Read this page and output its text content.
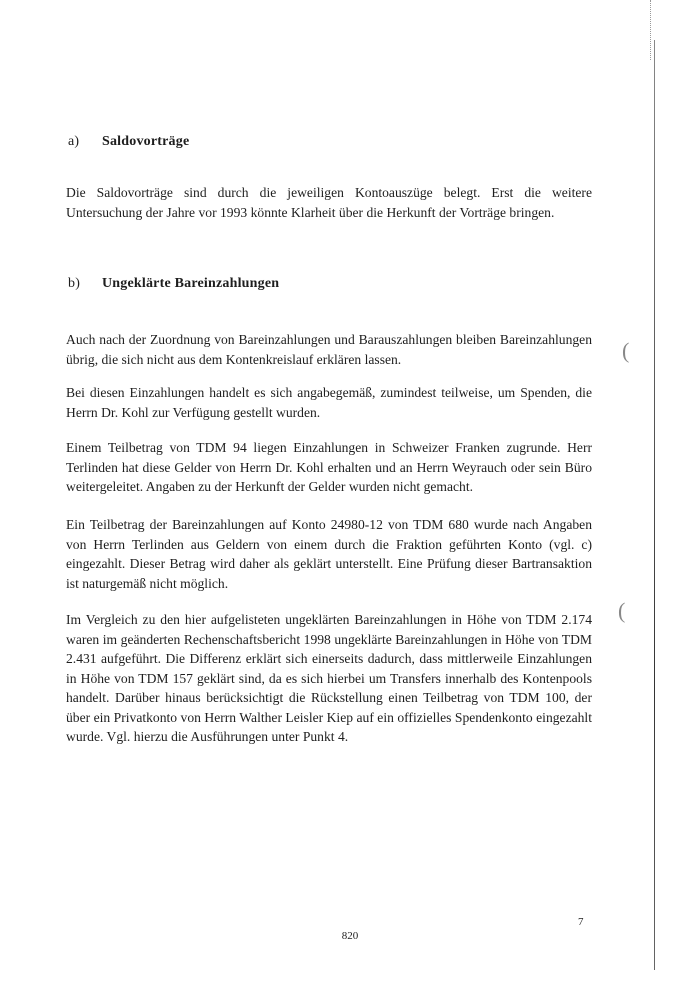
(
(
a) Saldovorträge

Die Saldovorträge sind durch die jeweiligen Kontoauszüge belegt. Erst die weitere Untersuchung der Jahre vor 1993 könnte Klarheit über die Herkunft der Vorträge bringen.

b) Ungeklärte Bareinzahlungen

Auch nach der Zuordnung von Bareinzahlungen und Barauszahlungen bleiben Bareinzahlungen übrig, die sich nicht aus dem Kontenkreislauf erklären lassen.

Bei diesen Einzahlungen handelt es sich angabegemäß, zumindest teilweise, um Spenden, die Herrn Dr. Kohl zur Verfügung gestellt wurden.

Einem Teilbetrag von TDM 94 liegen Einzahlungen in Schweizer Franken zugrunde. Herr Terlinden hat diese Gelder von Herrn Dr. Kohl erhalten und an Herrn Weyrauch oder sein Büro weitergeleitet. Angaben zu der Herkunft der Gelder wurden nicht gemacht.

Ein Teilbetrag der Bareinzahlungen auf Konto 24980-12 von TDM 680 wurde nach Angaben von Herrn Terlinden aus Geldern von einem durch die Fraktion geführten Konto (vgl. c) eingezahlt. Dieser Betrag wird daher als geklärt unterstellt. Eine Prüfung dieser Bartransaktion ist naturgemäß nicht möglich.

Im Vergleich zu den hier aufgelisteten ungeklärten Bareinzahlungen in Höhe von TDM 2.174 waren im geänderten Rechenschaftsbericht 1998 ungeklärte Bareinzahlungen in Höhe von TDM 2.431 aufgeführt. Die Differenz erklärt sich einerseits dadurch, dass mittlerweile Einzahlungen in Höhe von TDM 157 geklärt sind, da es sich hierbei um Transfers innerhalb des Kontenpools handelt. Darüber hinaus berücksichtigt die Rückstellung einen Teilbetrag von TDM 100, der über ein Privatkonto von Herrn Walther Leisler Kiep auf ein offizielles Spendenkonto eingezahlt wurde. Vgl. hierzu die Ausführungen unter Punkt 4.

7
820
